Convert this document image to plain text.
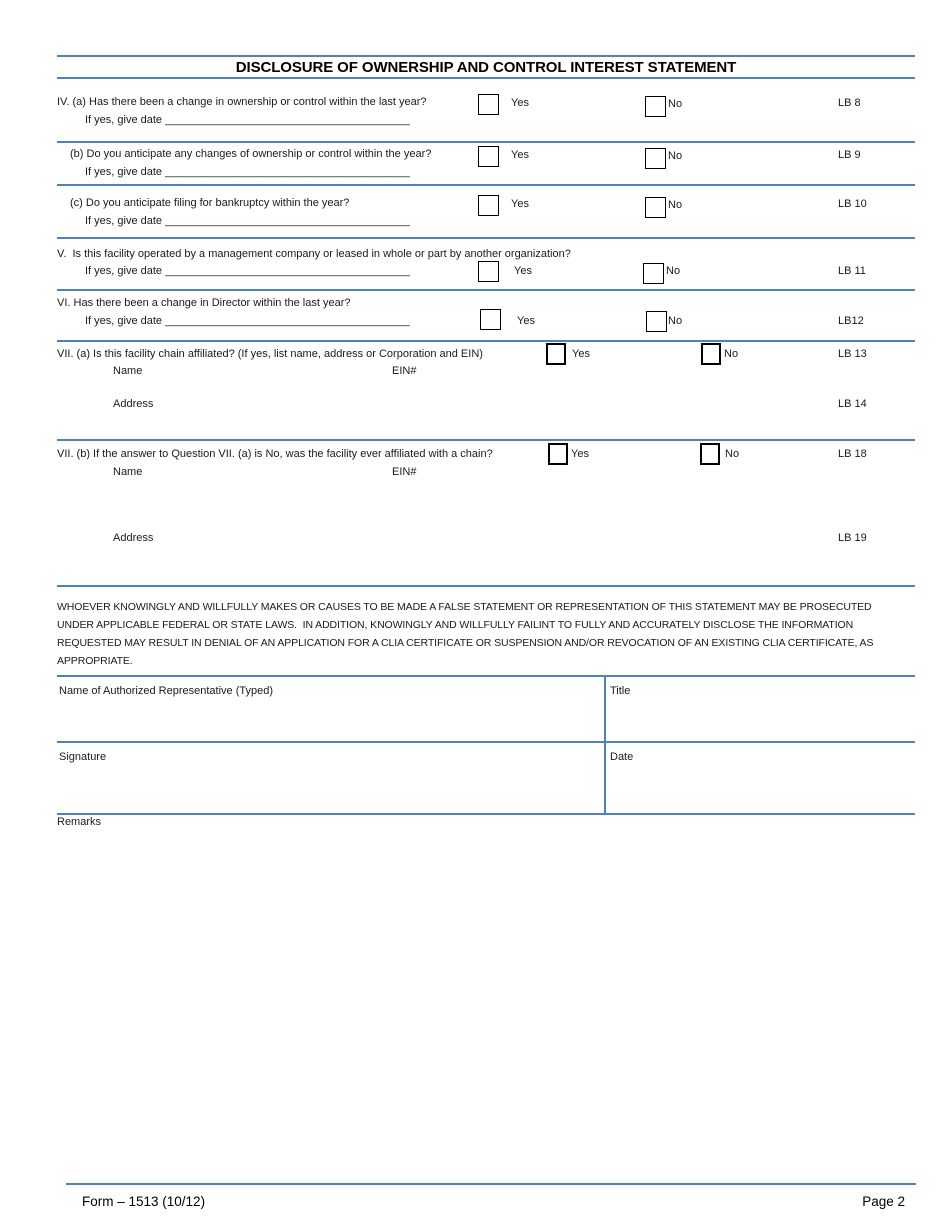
DISCLOSURE OF OWNERSHIP AND CONTROL INTEREST STATEMENT
IV. (a) Has there been a change in ownership or control within the last year?
If yes, give date ________________________________________
Yes	No	LB 8
(b) Do you anticipate any changes of ownership or control within the year?
If yes, give date ________________________________________
Yes	No	LB 9
(c) Do you anticipate filing for bankruptcy within the year?
If yes, give date ________________________________________
Yes	No	LB 10
V.  Is this facility operated by a management company or leased in whole or part by another organization?
If yes, give date ________________________________________	Yes	No	LB 11
VI. Has there been a change in Director within the last year?
If yes, give date ________________________________________	Yes	No	LB12
VII. (a) Is this facility chain affiliated? (If yes, list name, address or Corporation and EIN)	Yes	No	LB 13
Name	EIN#
Address	LB 14
VII. (b) If the answer to Question VII. (a) is No, was the facility ever affiliated with a chain?	Yes	No	LB 18
Name	EIN#
Address	LB 19
WHOEVER KNOWINGLY AND WILLFULLY MAKES OR CAUSES TO BE MADE A FALSE STATEMENT OR REPRESENTATION OF THIS STATEMENT MAY BE PROSECUTED
UNDER APPLICABLE FEDERAL OR STATE LAWS.  IN ADDITION, KNOWINGLY AND WILLFULLY FAILINT TO FULLY AND ACCURATELY DISCLOSE THE INFORMATION
REQUESTED MAY RESULT IN DENIAL OF AN APPLICATION FOR A CLIA CERTIFICATE OR SUSPENSION AND/OR REVOCATION OF AN EXISTING CLIA CERTIFICATE, AS
APPROPRIATE.
Name of Authorized Representative (Typed)	Title
Signature	Date
Remarks
Form – 1513 (10/12)	Page 2
